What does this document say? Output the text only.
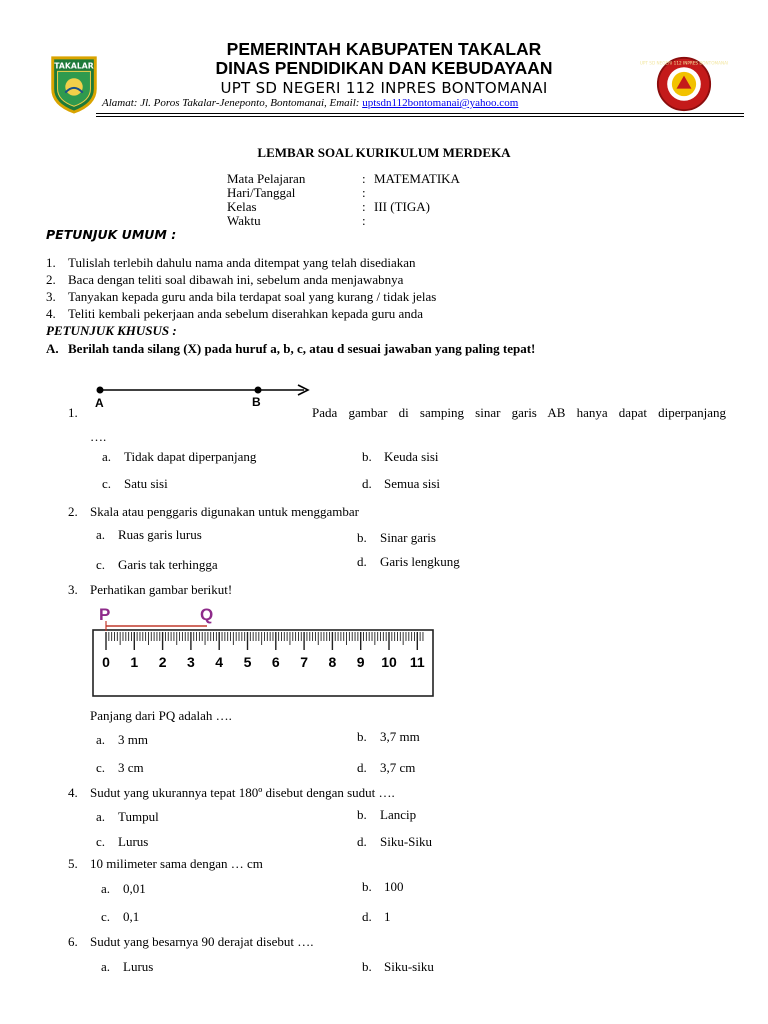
TAKALAR	UPT SD NEGERI 112 INPRES BONTOMANAI
PEMERINTAH KABUPATEN TAKALAR
DINAS PENDIDIKAN DAN KEBUDAYAAN
UPT SD NEGERI 112 INPRES BONTOMANAI
Alamat: Jl. Poros Takalar-Jeneponto, Bontomanai, Email: uptsdn112bontomanai@yahoo.com
LEMBAR SOAL KURIKULUM MERDEKA
Mata Pelajaran	: MATEMATIKA
Hari/Tanggal	:
Kelas	: III (TIGA)
Waktu	:
PETUNJUK UMUM :
1. Tulislah terlebih dahulu nama anda ditempat yang telah disediakan
2. Baca dengan teliti soal dibawah ini, sebelum anda menjawabnya
3. Tanyakan kepada guru anda bila terdapat soal yang kurang / tidak jelas
4. Teliti kembali pekerjaan anda sebelum diserahkan kepada guru anda
PETUNJUK KHUSUS :
A. Berilah tanda silang (X) pada huruf a, b, c, atau d sesuai jawaban yang paling tepat!
A	B
1.	Pada gambar di samping sinar garis AB hanya dapat diperpanjang
….
a. Tidak dapat diperpanjang	b. Keuda sisi
c. Satu sisi	d. Semua sisi
2. Skala atau penggaris digunakan untuk menggambar
a. Ruas garis lurus	b. Sinar garis
c. Garis tak terhingga	d. Garis lengkung
3. Perhatikan gambar berikut!
P	Q
0 1 2 3 4 5 6 7 8 9 10 11
Panjang dari PQ adalah ….
a. 3 mm	b. 3,7 mm
c. 3 cm	d. 3,7 cm
4. Sudut yang ukurannya tepat 180º disebut dengan sudut ….
a. Tumpul	b. Lancip
c. Lurus	d. Siku-Siku
5. 10 milimeter sama dengan … cm
a. 0,01	b. 100
c. 0,1	d. 1
6. Sudut yang besarnya 90 derajat disebut ….
a. Lurus	b. Siku-siku
